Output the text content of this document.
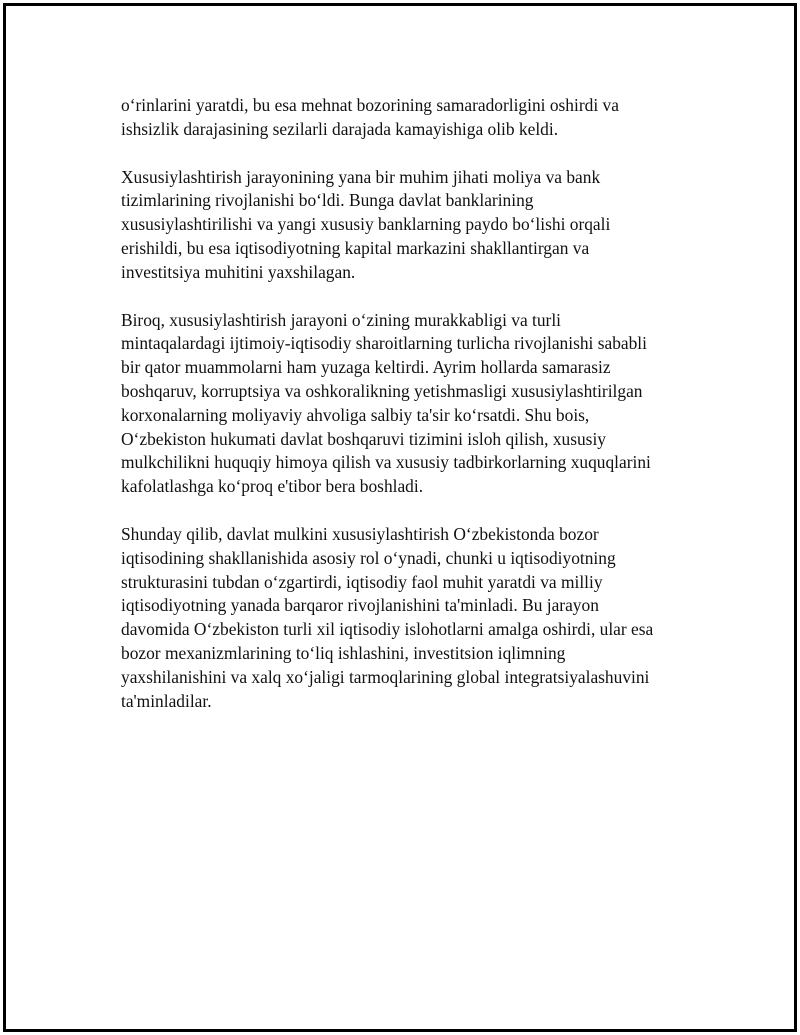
o‘rinlarini yaratdi, bu esa mehnat bozorining samaradorligini oshirdi va
ishsizlik darajasining sezilarli darajada kamayishiga olib keldi.

Xususiylashtirish jarayonining yana bir muhim jihati moliya va bank
tizimlarining rivojlanishi bo‘ldi. Bunga davlat banklarining
xususiylashtirilishi va yangi xususiy banklarning paydo bo‘lishi orqali
erishildi, bu esa iqtisodiyotning kapital markazini shakllantirgan va
investitsiya muhitini yaxshilagan.

Biroq, xususiylashtirish jarayoni o‘zining murakkabligi va turli
mintaqalardagi ijtimoiy-iqtisodiy sharoitlarning turlicha rivojlanishi sababli
bir qator muammolarni ham yuzaga keltirdi. Ayrim hollarda samarasiz
boshqaruv, korruptsiya va oshkoralikning yetishmasligi xususiylashtirilgan
korxonalarning moliyaviy ahvoliga salbiy ta'sir ko‘rsatdi. Shu bois,
O‘zbekiston hukumati davlat boshqaruvi tizimini isloh qilish, xususiy
mulkchilikni huquqiy himoya qilish va xususiy tadbirkorlarning xuquqlarini
kafolatlashga ko‘proq e'tibor bera boshladi.

Shunday qilib, davlat mulkini xususiylashtirish O‘zbekistonda bozor
iqtisodining shakllanishida asosiy rol o‘ynadi, chunki u iqtisodiyotning
strukturasini tubdan o‘zgartirdi, iqtisodiy faol muhit yaratdi va milliy
iqtisodiyotning yanada barqaror rivojlanishini ta'minladi. Bu jarayon
davomida O‘zbekiston turli xil iqtisodiy islohotlarni amalga oshirdi, ular esa
bozor mexanizmlarining to‘liq ishlashini, investitsion iqlimning
yaxshilanishini va xalq xo‘jaligi tarmoqlarining global integratsiyalashuvini
ta'minladilar.
